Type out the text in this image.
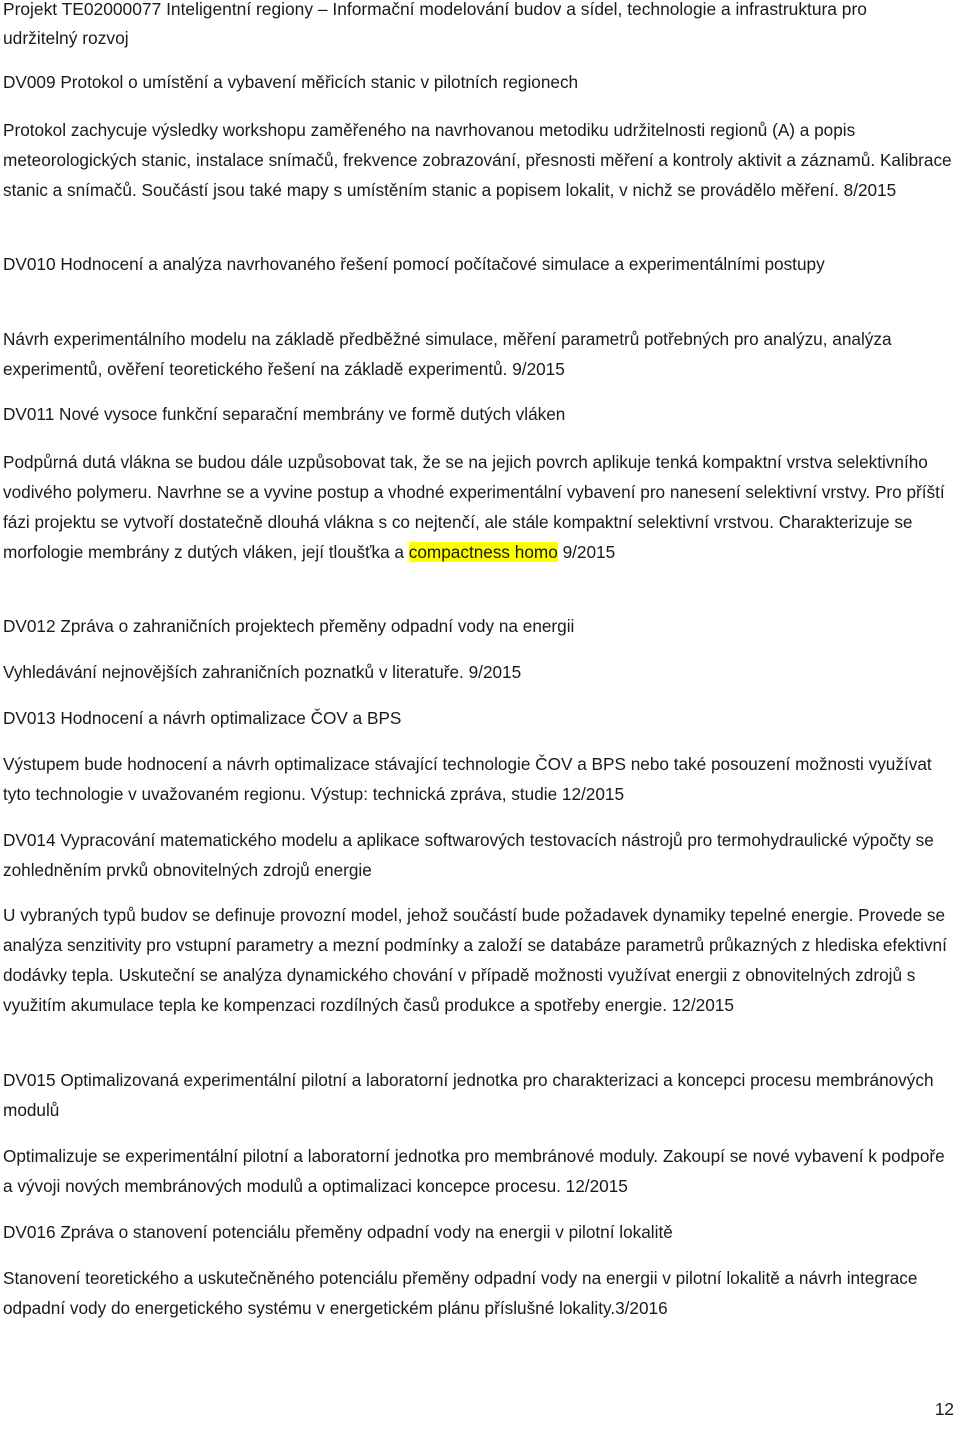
Projekt TE02000077 Inteligentní regiony – Informační modelování budov a sídel, technologie a infrastruktura pro udržitelný rozvoj

DV009 Protokol o umístění a vybavení měřicích stanic v pilotních regionech

Protokol zachycuje výsledky workshopu zaměřeného na navrhovanou metodiku udržitelnosti regionů (A) a popis meteorologických stanic, instalace snímačů, frekvence zobrazování, přesnosti měření a kontroly aktivit a záznamů. Kalibrace stanic a snímačů. Součástí jsou také mapy s umístěním stanic a popisem lokalit, v nichž se provádělo měření. 8/2015

DV010 Hodnocení a analýza navrhovaného řešení pomocí počítačové simulace a experimentálními postupy

Návrh experimentálního modelu na základě předběžné simulace, měření parametrů potřebných pro analýzu, analýza experimentů, ověření teoretického řešení na základě experimentů. 9/2015

DV011 Nové vysoce funkční separační membrány ve formě dutých vláken

Podpůrná dutá vlákna se budou dále uzpůsobovat tak, že se na jejich povrch aplikuje tenká kompaktní vrstva selektivního vodivého polymeru. Navrhne se a vyvine postup a vhodné experimentální vybavení pro nanesení selektivní vrstvy. Pro příští fázi projektu se vytvoří dostatečně dlouhá vlákna s co nejtenčí, ale stále kompaktní selektivní vrstvou. Charakterizuje se morfologie membrány z dutých vláken, její tloušťka a compactness homo 9/2015

DV012 Zpráva o zahraničních projektech přeměny odpadní vody na energii

Vyhledávání nejnovějších zahraničních poznatků v literatuře. 9/2015

DV013 Hodnocení a návrh optimalizace ČOV a BPS

Výstupem bude hodnocení a návrh optimalizace stávající technologie ČOV a BPS nebo také posouzení možnosti využívat tyto technologie v uvažovaném regionu. Výstup: technická zpráva, studie 12/2015

DV014 Vypracování matematického modelu a aplikace softwarových testovacích nástrojů pro termohydraulické výpočty se zohledněním prvků obnovitelných zdrojů energie

U vybraných typů budov se definuje provozní model, jehož součástí bude požadavek dynamiky tepelné energie. Provede se analýza senzitivity pro vstupní parametry a mezní podmínky a založí se databáze parametrů průkazných z hlediska efektivní dodávky tepla. Uskuteční se analýza dynamického chování v případě možnosti využívat energii z obnovitelných zdrojů s využitím akumulace tepla ke kompenzaci rozdílných časů produkce a spotřeby energie. 12/2015

DV015 Optimalizovaná experimentální pilotní a laboratorní jednotka pro charakterizaci a koncepci procesu membránových modulů

Optimalizuje se experimentální pilotní a laboratorní jednotka pro membránové moduly. Zakoupí se nové vybavení k podpoře a vývoji nových membránových modulů a optimalizaci koncepce procesu. 12/2015

DV016 Zpráva o stanovení potenciálu přeměny odpadní vody na energii v pilotní lokalitě

Stanovení teoretického a uskutečněného potenciálu přeměny odpadní vody na energii v pilotní lokalitě a návrh integrace odpadní vody do energetického systému v energetickém plánu příslušné lokality.3/2016

12
